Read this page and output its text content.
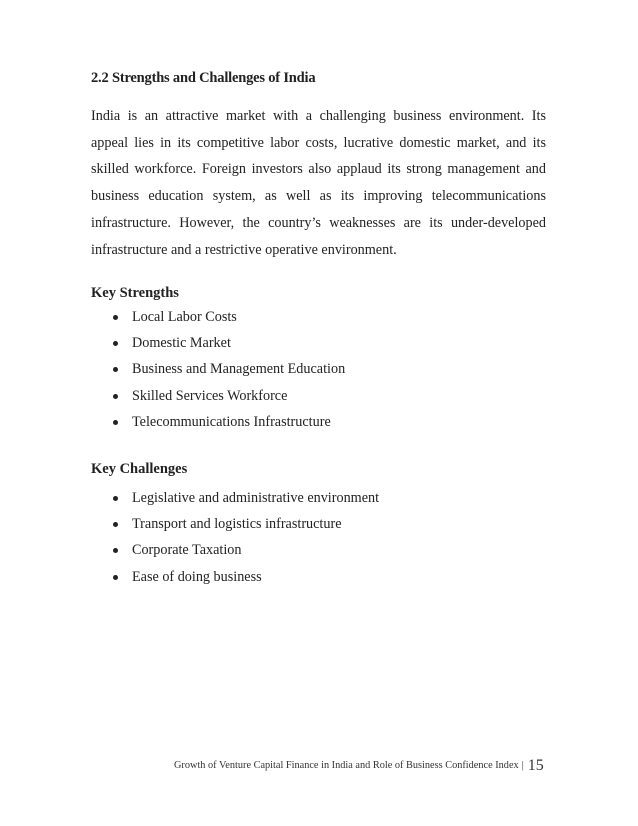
2.2 Strengths and Challenges of India

India is an attractive market with a challenging business environment. Its appeal lies in its competitive labor costs, lucrative domestic market, and its skilled workforce. Foreign investors also applaud its strong management and business education system, as well as its improving telecommunications infrastructure. However, the country’s weaknesses are its under-developed infrastructure and a restrictive operative environment.

Key Strengths
Local Labor Costs
Domestic Market
Business and Management Education
Skilled Services Workforce
Telecommunications Infrastructure
Key Challenges
Legislative and administrative environment
Transport and logistics infrastructure
Corporate Taxation
Ease of doing business
Growth of Venture Capital Finance in India and Role of Business Confidence Index | 15
